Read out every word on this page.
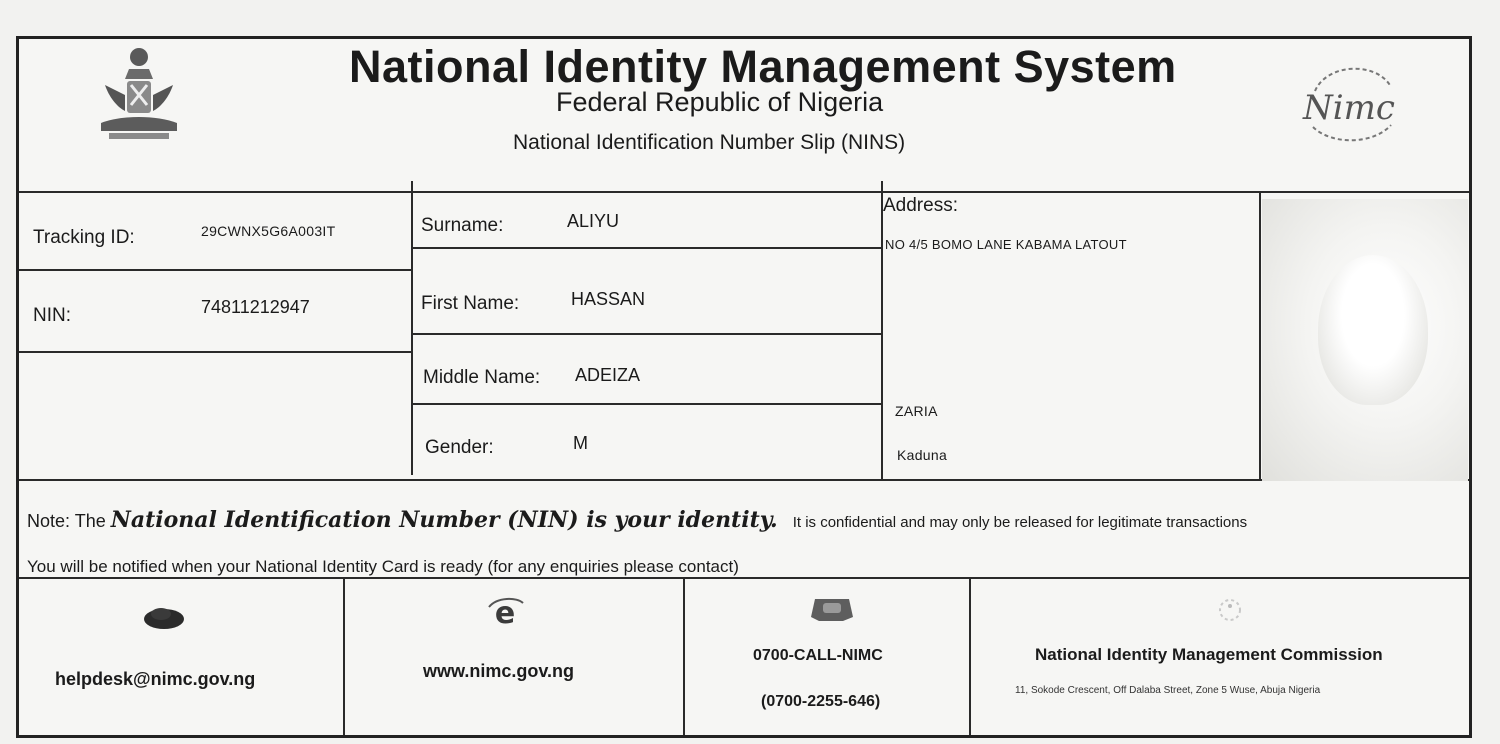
National Identity Management System
Federal Republic of Nigeria
National Identification Number Slip (NINS)
Nimc
Tracking ID:	29CWNX5G6A003IT
NIN:	74811212947
Surname:	ALIYU
First Name:	HASSAN
Middle Name: ADEIZA
Gender:	M
Address:
NO 4/5 BOMO LANE KABAMA LATOUT
ZARIA
Kaduna
Note: The National Identification Number (NIN) is your identity. It is confidential and may only be released for legitimate transactions
You will be notified when your National Identity Card is ready (for any enquiries please contact)
helpdesk@nimc.gov.ng
e
www.nimc.gov.ng
0700-CALL-NIMC
(0700-2255-646)
National Identity Management Commission
11, Sokode Crescent, Off Dalaba Street, Zone 5 Wuse, Abuja Nigeria
